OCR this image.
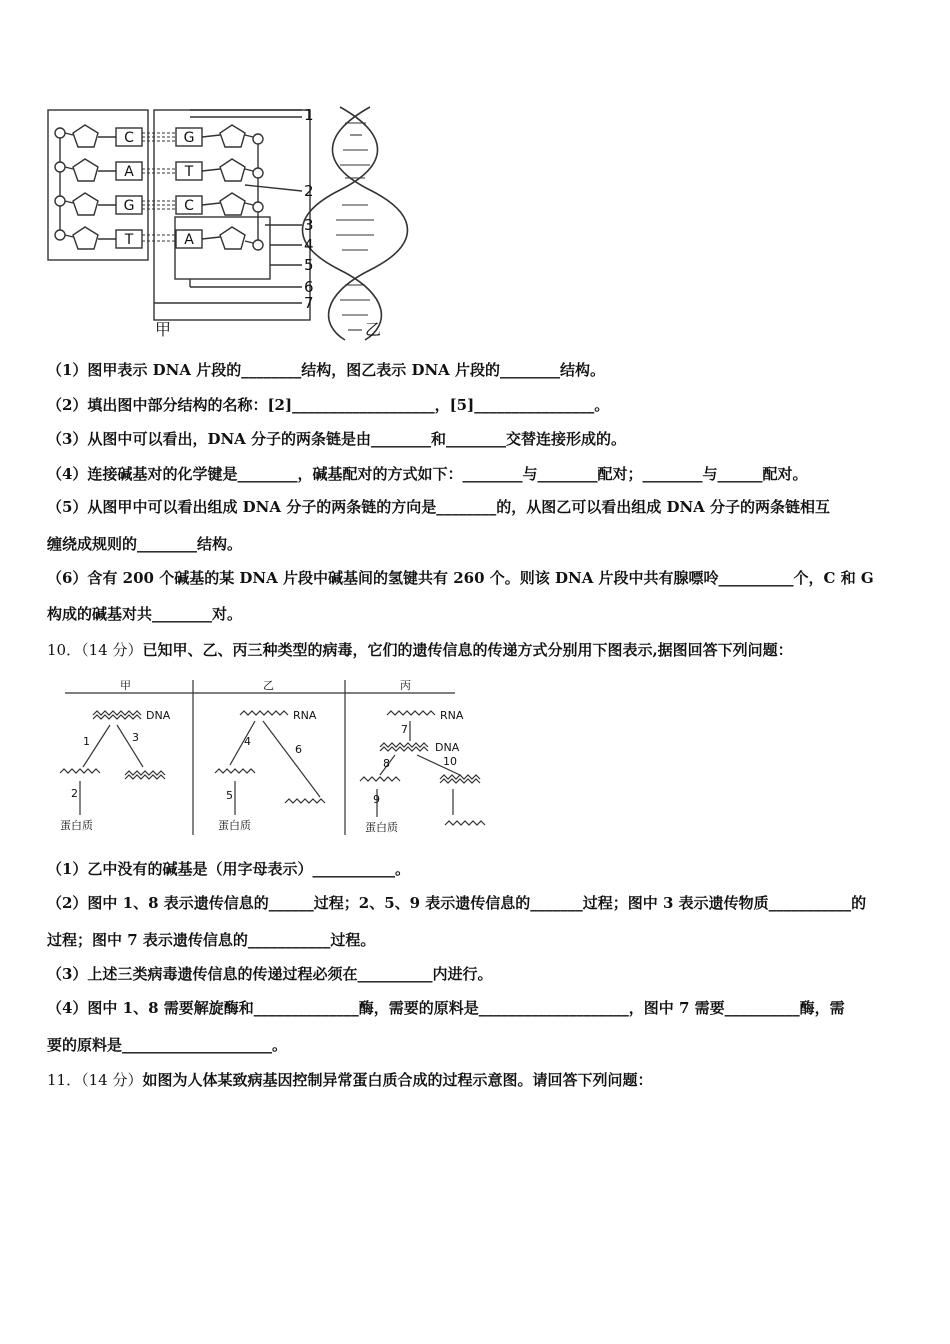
C
A
G
T
G
T
C
A
1
2
3
4
5
6
7
甲	乙
（1）图甲表示 DNA 片段的________结构，图乙表示 DNA 片段的________结构。
（2）填出图中部分结构的名称：[2]___________________，[5]________________。
（3）从图中可以看出，DNA 分子的两条链是由________和________交替连接形成的。
（4）连接碱基对的化学键是________，碱基配对的方式如下：________与________配对；________与______配对。
（5）从图甲中可以看出组成 DNA 分子的两条链的方向是________的，从图乙可以看出组成 DNA 分子的两条链相互
缠绕成规则的________结构。
（6）含有 200 个碱基的某 DNA 片段中碱基间的氢键共有 260 个。则该 DNA 片段中共有腺嘌呤__________个，C 和 G
构成的碱基对共________对。
10．（14 分）已知甲、乙、丙三种类型的病毒，它们的遗传信息的传递方式分别用下图表示,据图回答下列问题：
甲	乙	丙
DNA	RNA	RNA
DNA
蛋白质	蛋白质	蛋白质
1
2
3	4
5
6
7
8
9
10
（1）乙中没有的碱基是（用字母表示）___________。
（2）图中 1、8 表示遗传信息的______过程；2、5、9 表示遗传信息的_______过程；图中 3 表示遗传物质___________的
过程；图中 7 表示遗传信息的___________过程。
（3）上述三类病毒遗传信息的传递过程必须在__________内进行。
（4）图中 1、8 需要解旋酶和______________酶，需要的原料是____________________，图中 7 需要__________酶，需
要的原料是____________________。
11．（14 分）如图为人体某致病基因控制异常蛋白质合成的过程示意图。请回答下列问题：
